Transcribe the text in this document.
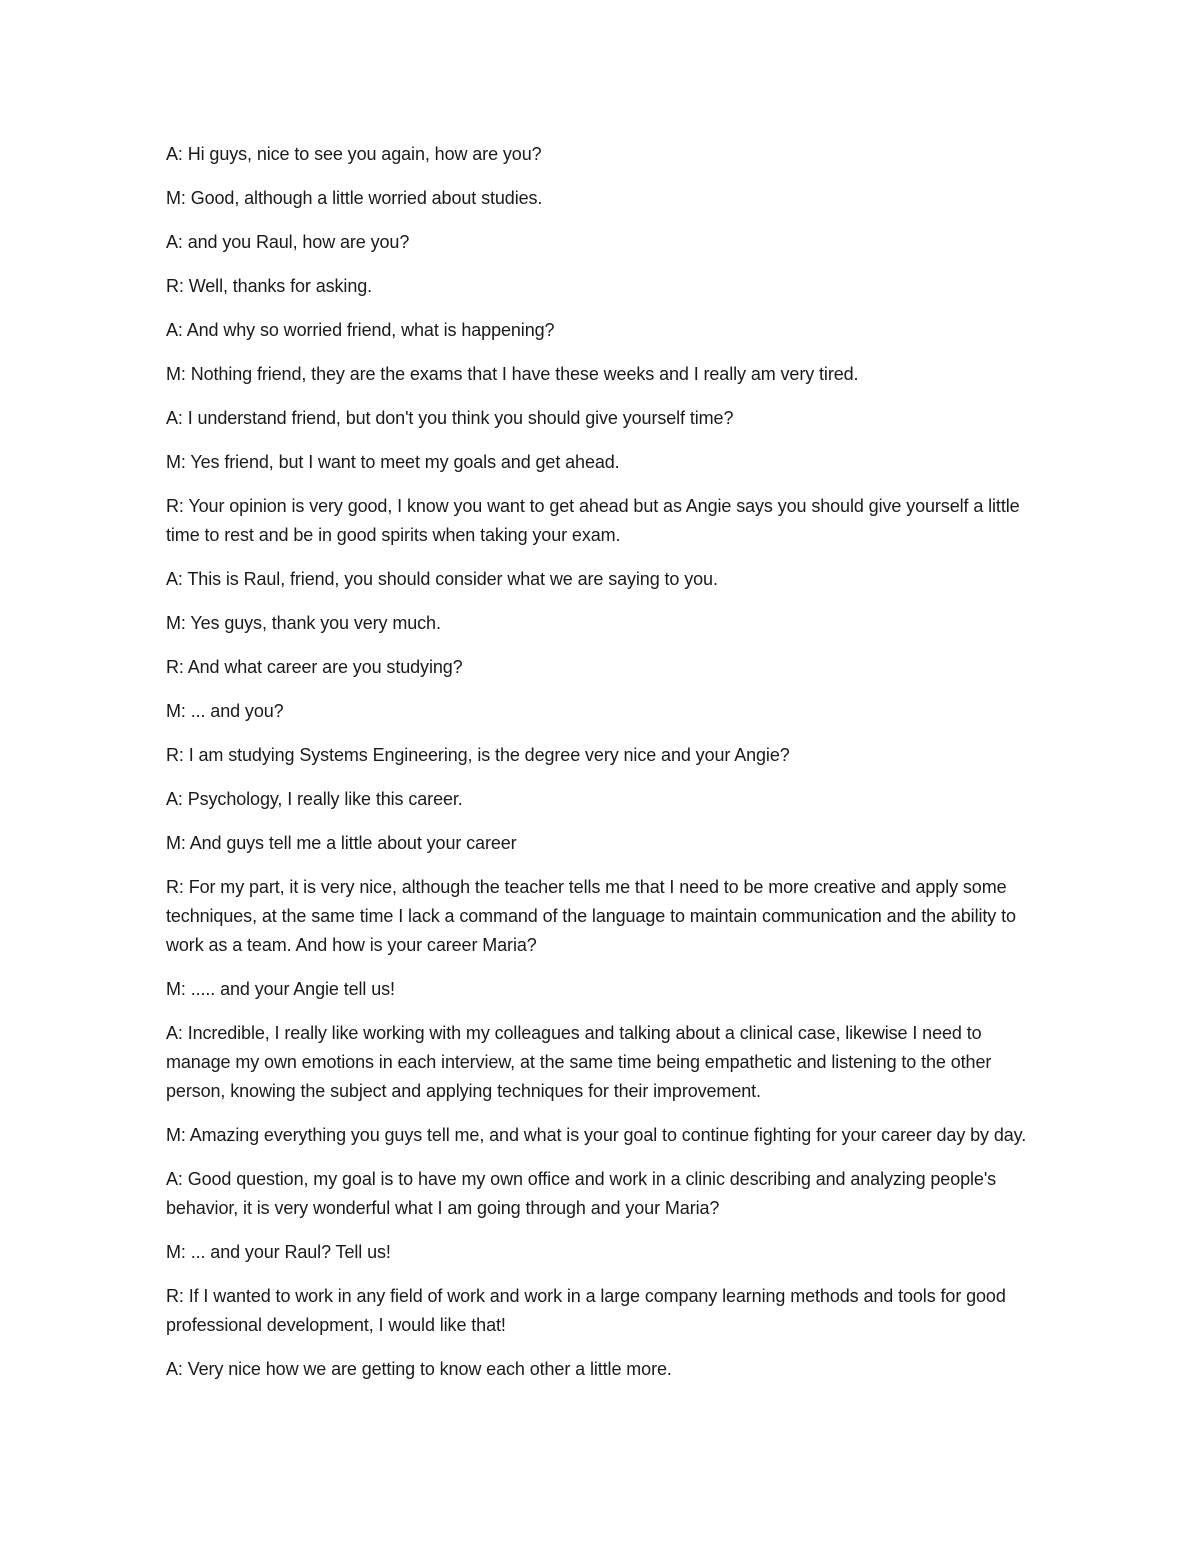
A: Hi guys, nice to see you again, how are you?

M: Good, although a little worried about studies.

A: and you Raul, how are you?

R: Well, thanks for asking.

A: And why so worried friend, what is happening?

M: Nothing friend, they are the exams that I have these weeks and I really am very tired.

A: I understand friend, but don't you think you should give yourself time?

M: Yes friend, but I want to meet my goals and get ahead.

R: Your opinion is very good, I know you want to get ahead but as Angie says you should give yourself a little time to rest and be in good spirits when taking your exam.

A: This is Raul, friend, you should consider what we are saying to you.

M: Yes guys, thank you very much.

R: And what career are you studying?

M: ... and you?

R: I am studying Systems Engineering, is the degree very nice and your Angie?

A: Psychology, I really like this career.

M: And guys tell me a little about your career

R: For my part, it is very nice, although the teacher tells me that I need to be more creative and apply some techniques, at the same time I lack a command of the language to maintain communication and the ability to work as a team. And how is your career Maria?

M: ..... and your Angie tell us!

A: Incredible, I really like working with my colleagues and talking about a clinical case, likewise I need to manage my own emotions in each interview, at the same time being empathetic and listening to the other person, knowing the subject and applying techniques for their improvement.

M: Amazing everything you guys tell me, and what is your goal to continue fighting for your career day by day.

A: Good question, my goal is to have my own office and work in a clinic describing and analyzing people's behavior, it is very wonderful what I am going through and your Maria?

M: ... and your Raul? Tell us!

R: If I wanted to work in any field of work and work in a large company learning methods and tools for good professional development, I would like that!

A: Very nice how we are getting to know each other a little more.
